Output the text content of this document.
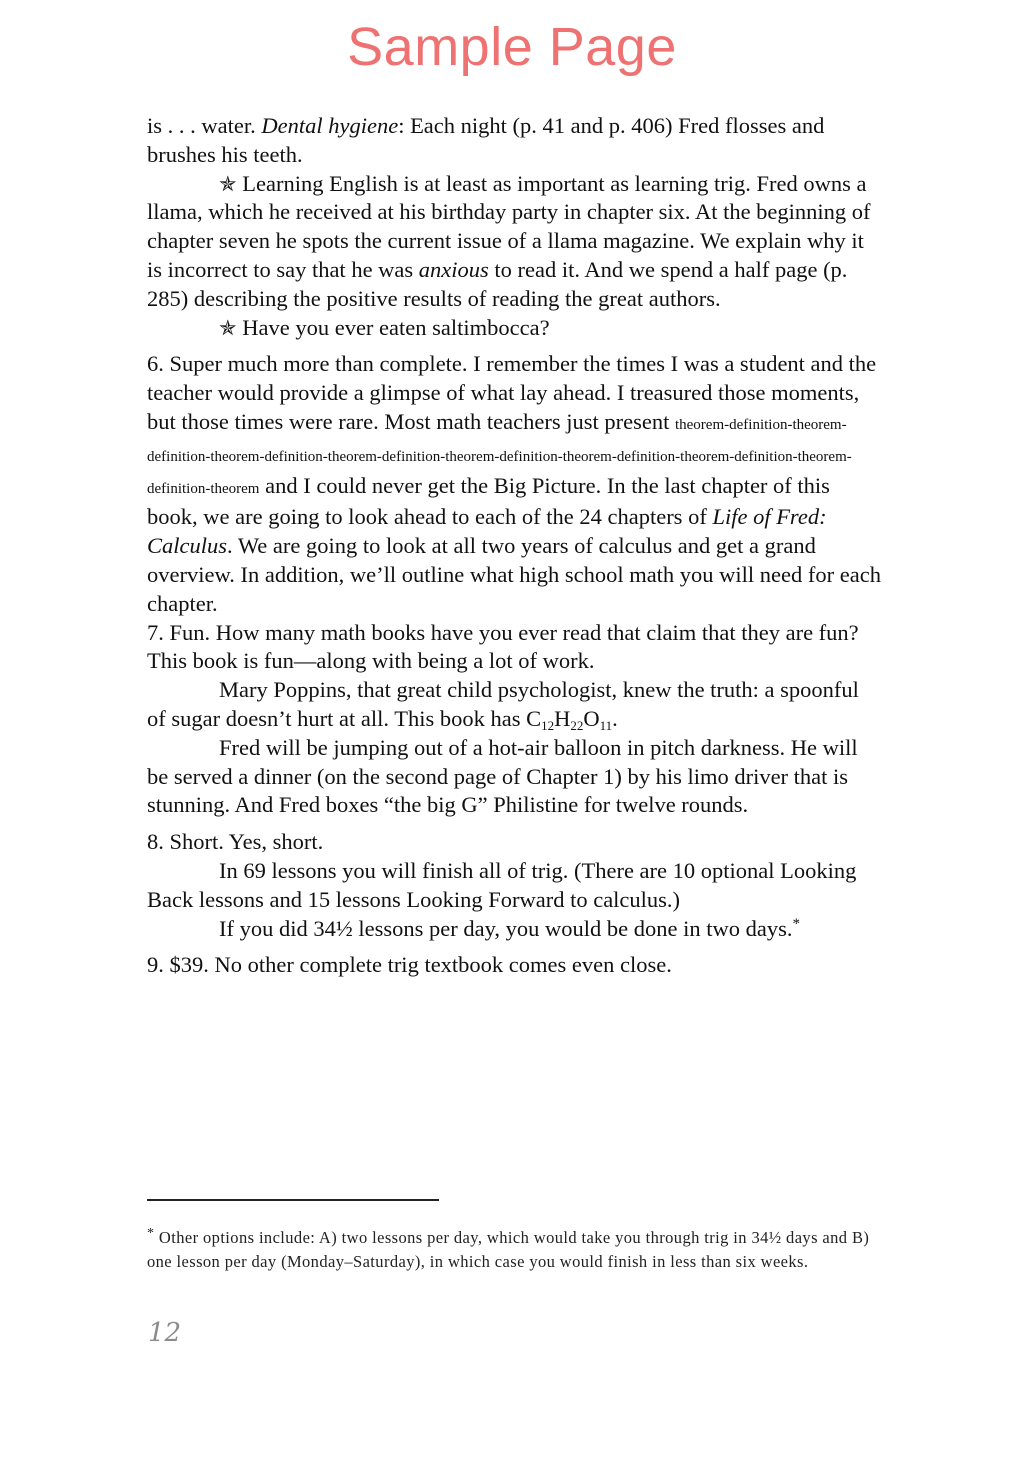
Sample Page

is . . . water. Dental hygiene: Each night (p. 41 and p. 406) Fred flosses and brushes his teeth.

✯ Learning English is at least as important as learning trig. Fred owns a llama, which he received at his birthday party in chapter six. At the beginning of chapter seven he spots the current issue of a llama magazine. We explain why it is incorrect to say that he was anxious to read it. And we spend a half page (p. 285) describing the positive results of reading the great authors.

✯ Have you ever eaten saltimbocca?

6. Super much more than complete. I remember the times I was a student and the teacher would provide a glimpse of what lay ahead. I treasured those moments, but those times were rare. Most math teachers just present theorem-definition-theorem-definition-theorem-definition-theorem-definition-theorem-definition-theorem-definition-theorem-definition-theorem-definition-theorem and I could never get the Big Picture. In the last chapter of this book, we are going to look ahead to each of the 24 chapters of Life of Fred: Calculus. We are going to look at all two years of calculus and get a grand overview. In addition, we’ll outline what high school math you will need for each chapter.

7. Fun. How many math books have you ever read that claim that they are fun? This book is fun—along with being a lot of work.

Mary Poppins, that great child psychologist, knew the truth: a spoonful of sugar doesn’t hurt at all. This book has $C_{12}H_{22}O_{11}$.

Fred will be jumping out of a hot-air balloon in pitch darkness. He will be served a dinner (on the second page of Chapter 1) by his limo driver that is stunning. And Fred boxes “the big G” Philistine for twelve rounds.

8. Short. Yes, short.

In 69 lessons you will finish all of trig. (There are 10 optional Looking Back lessons and 15 lessons Looking Forward to calculus.)

If you did 34½ lessons per day, you would be done in two days.*

9. $39. No other complete trig textbook comes even close.

* Other options include: A) two lessons per day, which would take you through trig in 34½ days and B) one lesson per day (Monday–Saturday), in which case you would finish in less than six weeks.
12
